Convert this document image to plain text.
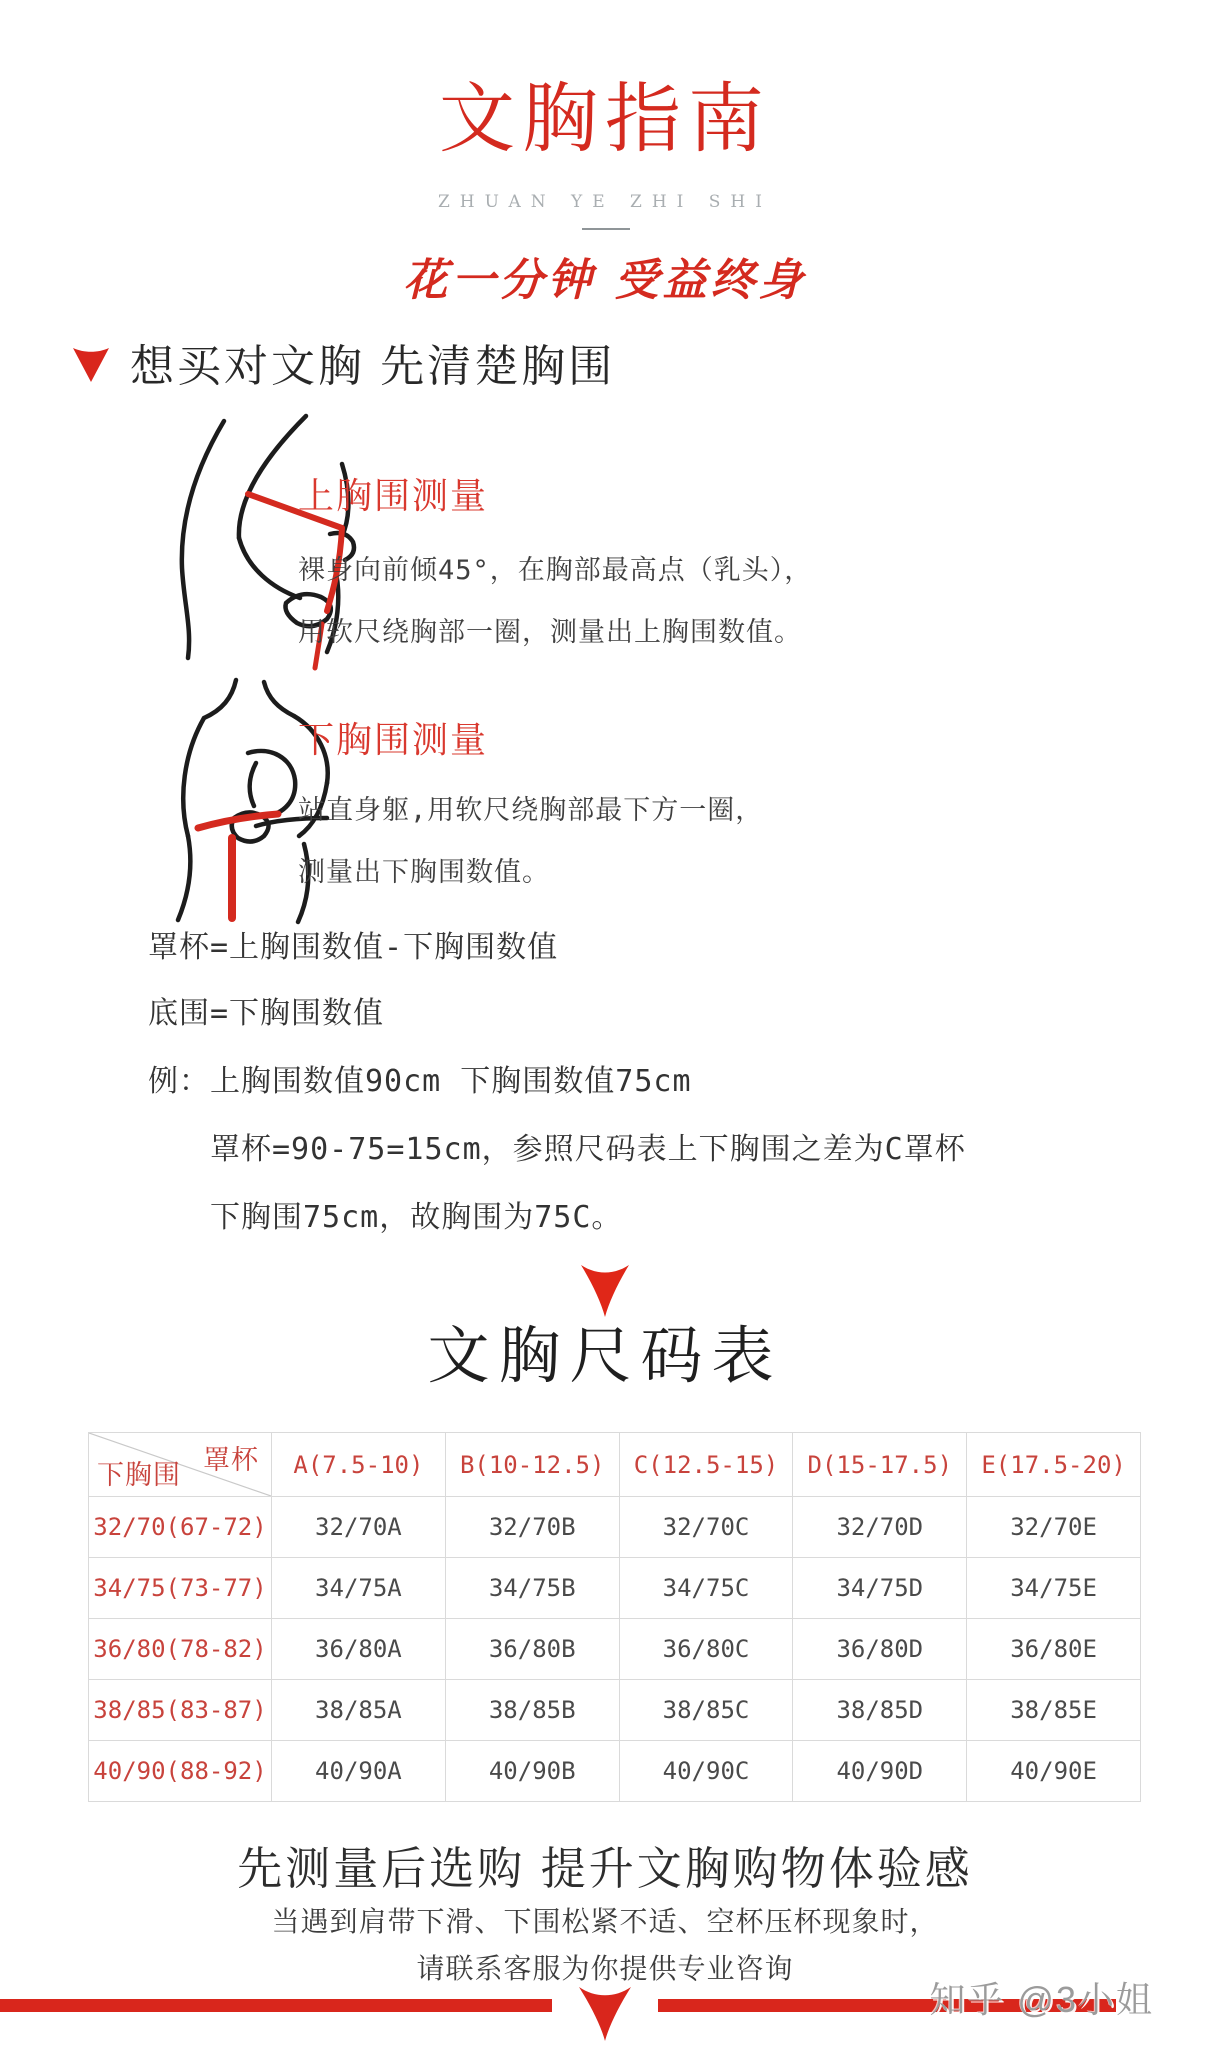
文胸指南
ZHUAN YE ZHI SHI
花一分钟 受益终身
想买对文胸 先清楚胸围
上胸围测量
裸身向前倾45°，在胸部最高点（乳头），
用软尺绕胸部一圈，测量出上胸围数值。
下胸围测量
站直身躯,用软尺绕胸部最下方一圈，
测量出下胸围数值。
罩杯=上胸围数值-下胸围数值
底围=下胸围数值
例：上胸围数值90cm 下胸围数值75cm
罩杯=90-75=15cm，参照尺码表上下胸围之差为C罩杯
下胸围75cm，故胸围为75C。
文胸尺码表
罩杯
下胸围	A(7.5-10)	B(10-12.5)	C(12.5-15)	D(15-17.5)	E(17.5-20)
32/70(67-72)	32/70A	32/70B	32/70C	32/70D	32/70E
34/75(73-77)	34/75A	34/75B	34/75C	34/75D	34/75E
36/80(78-82)	36/80A	36/80B	36/80C	36/80D	36/80E
38/85(83-87)	38/85A	38/85B	38/85C	38/85D	38/85E
40/90(88-92)	40/90A	40/90B	40/90C	40/90D	40/90E
先测量后选购 提升文胸购物体验感
当遇到肩带下滑、下围松紧不适、空杯压杯现象时，
请联系客服为你提供专业咨询
知乎 @3小姐
